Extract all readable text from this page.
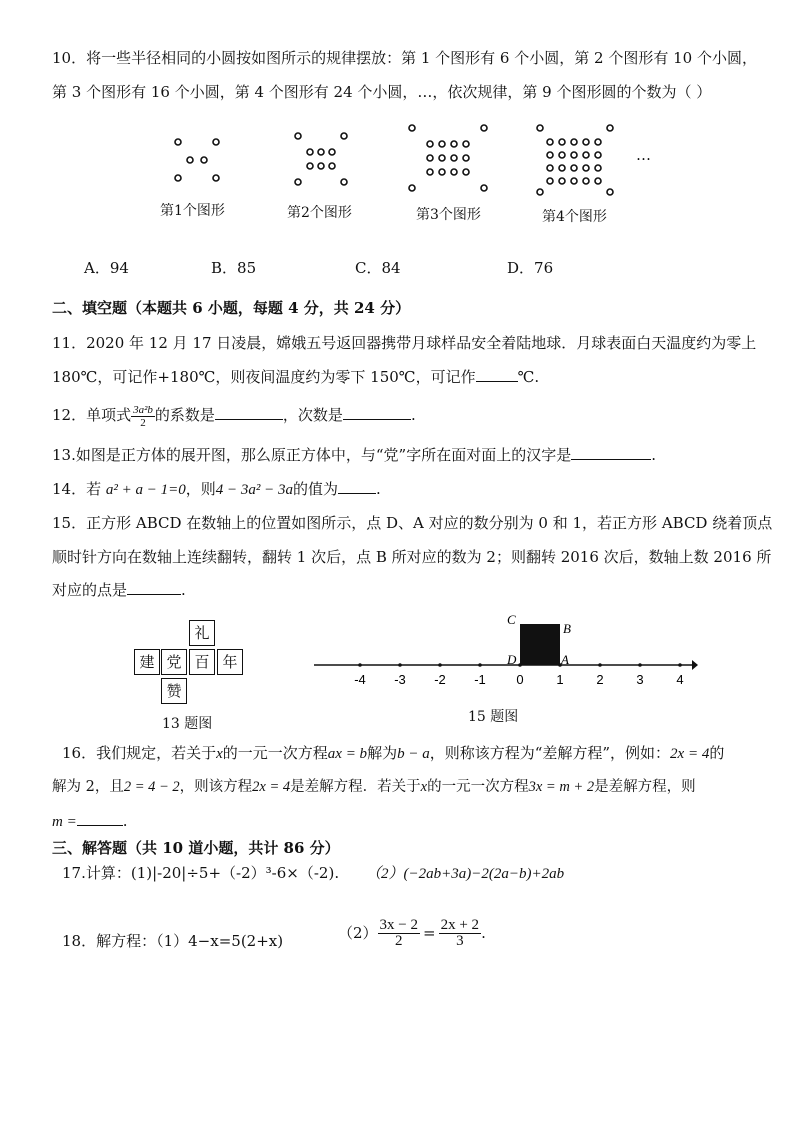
10．将一些半径相同的小圆按如图所示的规律摆放：第 1 个图形有 6 个小圆，第 2 个图形有 10 个小圆，
第 3 个图形有 16 个小圆，第 4 个图形有 24 个小圆，…，依次规律，第 9 个图形圆的个数为（ ）
第1个图形	第2个图形	第3个图形	第4个图形
…
A．94	B．85	C．84	D．76
二、填空题（本题共 6 小题，每题 4 分，共 24 分）
11．2020 年 12 月 17 日凌晨，嫦娥五号返回器携带月球样品安全着陆地球．月球表面白天温度约为零上
180℃，可记作+180℃，则夜间温度约为零下 150℃，可记作	℃.
12．单项式 $\frac{\text{3a²b}}{2}$ 的系数是	，次数是	.
13.如图是正方体的展开图，那么原正方体中，与“党”字所在面对面上的汉字是	.
14．若 a² + a − 1=0，则4 − 3a² − 3a的值为	.
15．正方形 ABCD 在数轴上的位置如图所示，点 D、A 对应的数分别为 0 和 1，若正方形 ABCD 绕着顶点
顺时针方向在数轴上连续翻转，翻转 1 次后，点 B 所对应的数为 2；则翻转 2016 次后，数轴上数 2016 所
对应的点是	.
礼
建 党 百 年
赞
13 题图
-4 -3 -2 -1 0	1	2	3	4
C
B
D	A
15 题图
16．我们规定，若关于x的一元一次方程ax = b解为b − a，则称该方程为“差解方程”，例如：2x = 4的
解为 2，且2 = 4 − 2，则该方程2x = 4是差解方程．若关于x的一元一次方程3x = m + 2是差解方程，则
m =	.
三、解答题（共 10 道小题，共计 86 分）
17.计算：(1)|-20|÷5+（-2）³-6×（-2). （2）(−2ab+3a)−2(2a−b)+2ab
18．解方程：（1）4−x=5(2+x)	$(2) \frac{3x - 2}{2} = \frac{2x + 2}{3}$ .
